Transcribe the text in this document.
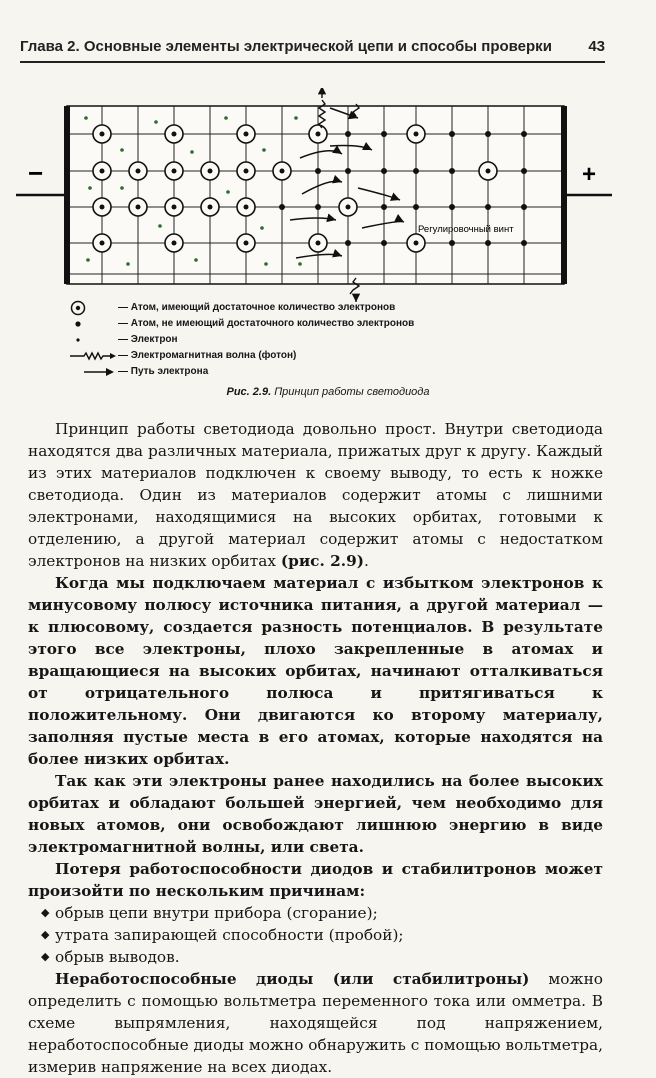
Глава 2. Основные элементы электрической цепи и способы проверки 43
−	+
Регулировочный винт
— Атом, имеющий достаточное количество электронов
— Атом, не имеющий достаточного количество электронов
— Электрон
— Электромагнитная волна (фотон)
— Путь электрона
Рис. 2.9. Принцип работы светодиода

Принцип работы светодиода довольно прост. Внутри светодиода находятся два различных материала, прижатых друг к другу. Каждый из этих материалов подключен к своему выводу, то есть к ножке светодиода. Один из материалов содержит атомы с лишними электронами, находящимися на высоких орбитах, готовыми к отделению, а другой материал содержит атомы с недостатком электронов на низких орбитах (рис. 2.9).

Когда мы подключаем материал с избытком электронов к минусовому полюсу источника питания, а другой материал — к плюсовому, создается разность потенциалов. В результате этого все электроны, плохо закрепленные в атомах и вращающиеся на высоких орбитах, начинают отталкиваться от отрицательного полюса и притягиваться к положительному. Они двигаются ко второму материалу, заполняя пустые места в его атомах, которые находятся на более низких орбитах.

Так как эти электроны ранее находились на более высоких орбитах и обладают большей энергией, чем необходимо для новых атомов, они освобождают лишнюю энергию в виде электромагнитной волны, или света.

Потеря работоспособности диодов и стабилитронов может произойти по нескольким причинам:

◆ обрыв цепи внутри прибора (сгорание);
◆ утрата запирающей способности (пробой);
◆ обрыв выводов.

Неработоспособные диоды (или стабилитроны) можно определить с помощью вольтметра переменного тока или омметра. В схеме выпрямления, находящейся под напряжением, неработоспособные диоды можно обнаружить с помощью вольтметра, измерив напряжение на всех диодах.
